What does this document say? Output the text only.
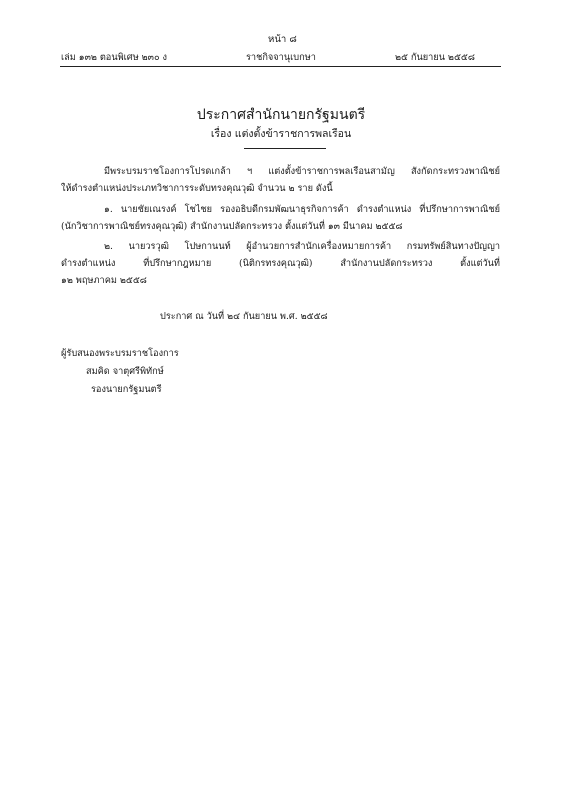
หน้า ๘
เล่ม ๑๓๒ ตอนพิเศษ ๒๓๐ ง	ราชกิจจานุเบกษา	๒๕ กันยายน ๒๕๕๘
ประกาศสำนักนายกรัฐมนตรี
เรื่อง แต่งตั้งข้าราชการพลเรือน
มีพระบรมราชโองการโปรดเกล้า ฯ แต่งตั้งข้าราชการพลเรือนสามัญ สังกัดกระทรวงพาณิชย์
ให้ดำรงตำแหน่งประเภทวิชาการระดับทรงคุณวุฒิ จำนวน ๒ ราย ดังนี้
๑. นายชัยเณรงค์ โชไชย รองอธิบดีกรมพัฒนาธุรกิจการค้า ดำรงตำแหน่ง ที่ปรึกษาการพาณิชย์
(นักวิชาการพาณิชย์ทรงคุณวุฒิ) สำนักงานปลัดกระทรวง ตั้งแต่วันที่ ๑๓ มีนาคม ๒๕๕๘
๒. นายวรวุฒิ โปษกานนท์ ผู้อำนวยการสำนักเครื่องหมายการค้า กรมทรัพย์สินทางปัญญา
ดำรงตำแหน่ง ที่ปรึกษากฎหมาย (นิติกรทรงคุณวุฒิ) สำนักงานปลัดกระทรวง ตั้งแต่วันที่
๑๒ พฤษภาคม ๒๕๕๘
ประกาศ ณ วันที่ ๒๔ กันยายน พ.ศ. ๒๕๕๘
ผู้รับสนองพระบรมราชโองการ
สมคิด จาตุศรีพิทักษ์
รองนายกรัฐมนตรี
